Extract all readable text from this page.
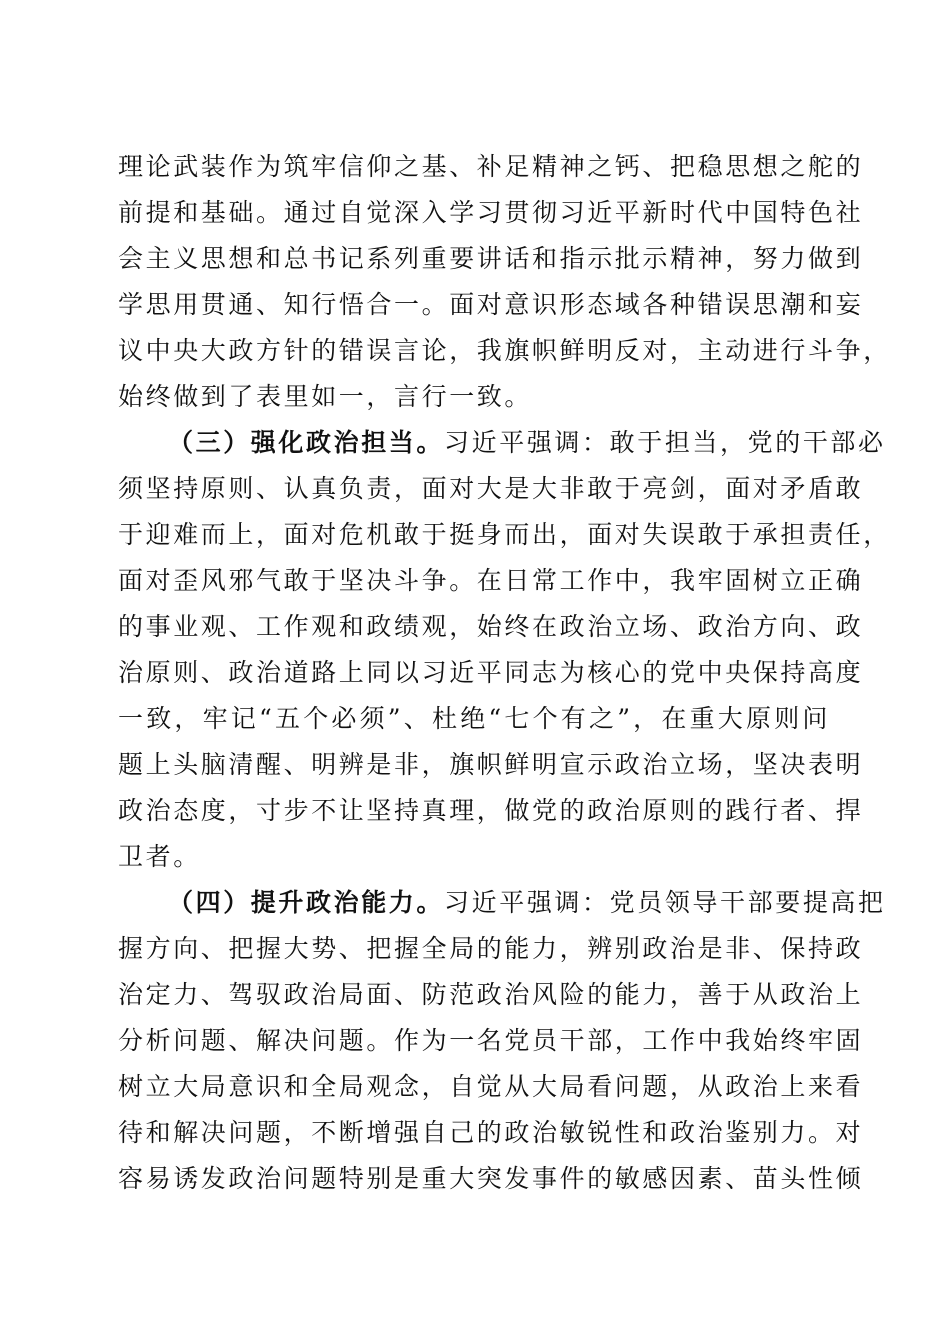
理论武装作为筑牢信仰之基、补足精神之钙、把稳思想之舵的
前提和基础。通过自觉深入学习贯彻习近平新时代中国特色社
会主义思想和总书记系列重要讲话和指示批示精神，努力做到
学思用贯通、知行悟合一。面对意识形态域各种错误思潮和妄
议中央大政方针的错误言论，我旗帜鲜明反对，主动进行斗争，
始终做到了表里如一，言行一致。
（三）强化政治担当。习近平强调：敢于担当，党的干部必
须坚持原则、认真负责，面对大是大非敢于亮剑，面对矛盾敢
于迎难而上，面对危机敢于挺身而出，面对失误敢于承担责任，
面对歪风邪气敢于坚决斗争。在日常工作中，我牢固树立正确
的事业观、工作观和政绩观，始终在政治立场、政治方向、政
治原则、政治道路上同以习近平同志为核心的党中央保持高度
一致，牢记“五个必须”、杜绝“七个有之”，在重大原则问
题上头脑清醒、明辨是非，旗帜鲜明宣示政治立场，坚决表明
政治态度，寸步不让坚持真理，做党的政治原则的践行者、捍
卫者。
（四）提升政治能力。习近平强调：党员领导干部要提高把
握方向、把握大势、把握全局的能力，辨别政治是非、保持政
治定力、驾驭政治局面、防范政治风险的能力，善于从政治上
分析问题、解决问题。作为一名党员干部，工作中我始终牢固
树立大局意识和全局观念，自觉从大局看问题，从政治上来看
待和解决问题，不断增强自己的政治敏锐性和政治鉴别力。对
容易诱发政治问题特别是重大突发事件的敏感因素、苗头性倾
